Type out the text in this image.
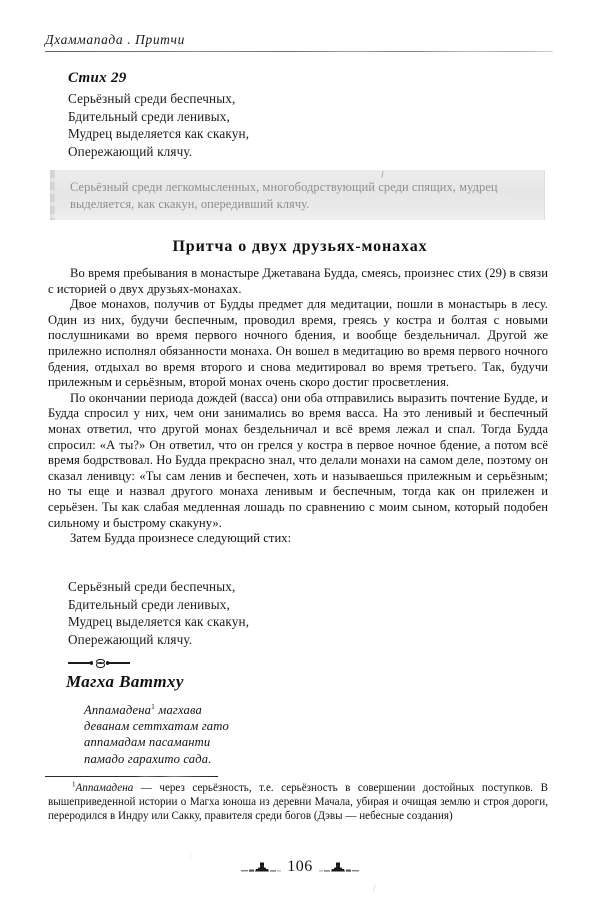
Дхаммапада . Притчи
Стих 29
Серьёзный среди беспечных,
Бдительный среди ленивых,
Мудрец выделяется как скакун,
Опережающий клячу.
Серьёзный среди легкомысленных, многободрствующий среди спящих, мудрец выделяется, как скакун, опередивший клячу.
Притча о двух друзьях-монахах

Во время пребывания в монастыре Джетавана Будда, смеясь, произнес стих (29) в связи с историей о двух друзьях-монахах.

Двое монахов, получив от Будды предмет для медитации, пошли в монастырь в лесу. Один из них, будучи беспечным, проводил время, греясь у костра и болтая с новыми послушниками во время первого ночного бдения, и вообще бездельничал. Другой же прилежно исполнял обязанности монаха. Он вошел в медитацию во время первого ночного бдения, отдыхал во время второго и снова медитировал во время третьего. Так, будучи прилежным и серьёзным, второй монах очень скоро достиг просветления.

По окончании периода дождей (васса) они оба отправились выразить почтение Будде, и Будда спросил у них, чем они занимались во время васса. На это ленивый и беспечный монах ответил, что другой монах бездельничал и всё время лежал и спал. Тогда Будда спросил: «А ты?» Он ответил, что он грелся у костра в первое ночное бдение, а потом всё время бодрствовал. Но Будда прекрасно знал, что делали монахи на самом деле, поэтому он сказал ленивцу: «Ты сам ленив и беспечен, хоть и называешься прилежным и серьёзным; но ты еще и назвал другого монаха ленивым и беспечным, тогда как он прилежен и серьёзен. Ты как слабая медленная лошадь по сравнению с моим сыном, который подобен сильному и быстрому скакуну».

Затем Будда произнесе следующий стих:

Серьёзный среди беспечных,
Бдительный среди ленивых,
Мудрец выделяется как скакун,
Опережающий клячу.
Магха Ваттху
Аппамадена$^1$ магхава
деванам сеттхатам гато
аппамадам пасаманти
памадо гарахито сада.

$^1$Аппамадена — через серьёзность, т.е. серьёзность в совершении достойных поступков. В вышеприведенной истории о Магха юноша из деревни Мачала, убирая и очищая землю и строя дороги, переродился в Индру или Сакку, правителя среди богов (Дэвы — небесные создания)

106
